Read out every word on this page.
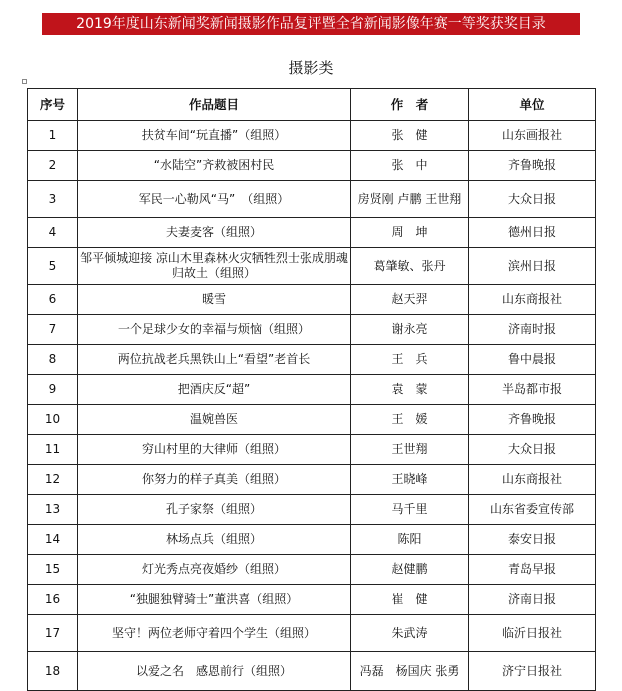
2019年度山东新闻奖新闻摄影作品复评暨全省新闻影像年赛一等奖获奖目录
摄影类
序号	作品题目	作　者	单位
1	扶贫车间“玩直播”（组照）	张　健	山东画报社
2	“水陆空”齐救被困村民	张　中	齐鲁晚报
3	军民一心勒风“马”　（组照）	房贤刚 卢鹏 王世翔	大众日报
4	夫妻麦客（组照）	周　坤	德州日报
5	邹平倾城迎接 凉山木里森林火灾牺牲烈士张成朋魂归故土（组照）	葛肇敏、张丹	滨州日报
6	暖雪	赵天羿	山东商报社
7	一个足球少女的幸福与烦恼（组照）	谢永亮	济南时报
8	两位抗战老兵黑铁山上“看望”老首长	王　兵	鲁中晨报
9	把酒庆反“超”	袁　蒙	半岛都市报
10	温婉兽医	王　媛	齐鲁晚报
11	穷山村里的大律师（组照）	王世翔	大众日报
12	你努力的样子真美（组照）	王晓峰	山东商报社
13	孔子家祭（组照）	马千里	山东省委宣传部
14	林场点兵（组照）	陈阳	泰安日报
15	灯光秀点亮夜婚纱（组照）	赵健鹏	青岛早报
16	“独腿独臂骑士”董洪喜（组照）	崔　健	济南日报
17	坚守！两位老师守着四个学生（组照）	朱武涛	临沂日报社
18	以爱之名　感恩前行（组照）	冯磊　杨国庆 张勇	济宁日报社
